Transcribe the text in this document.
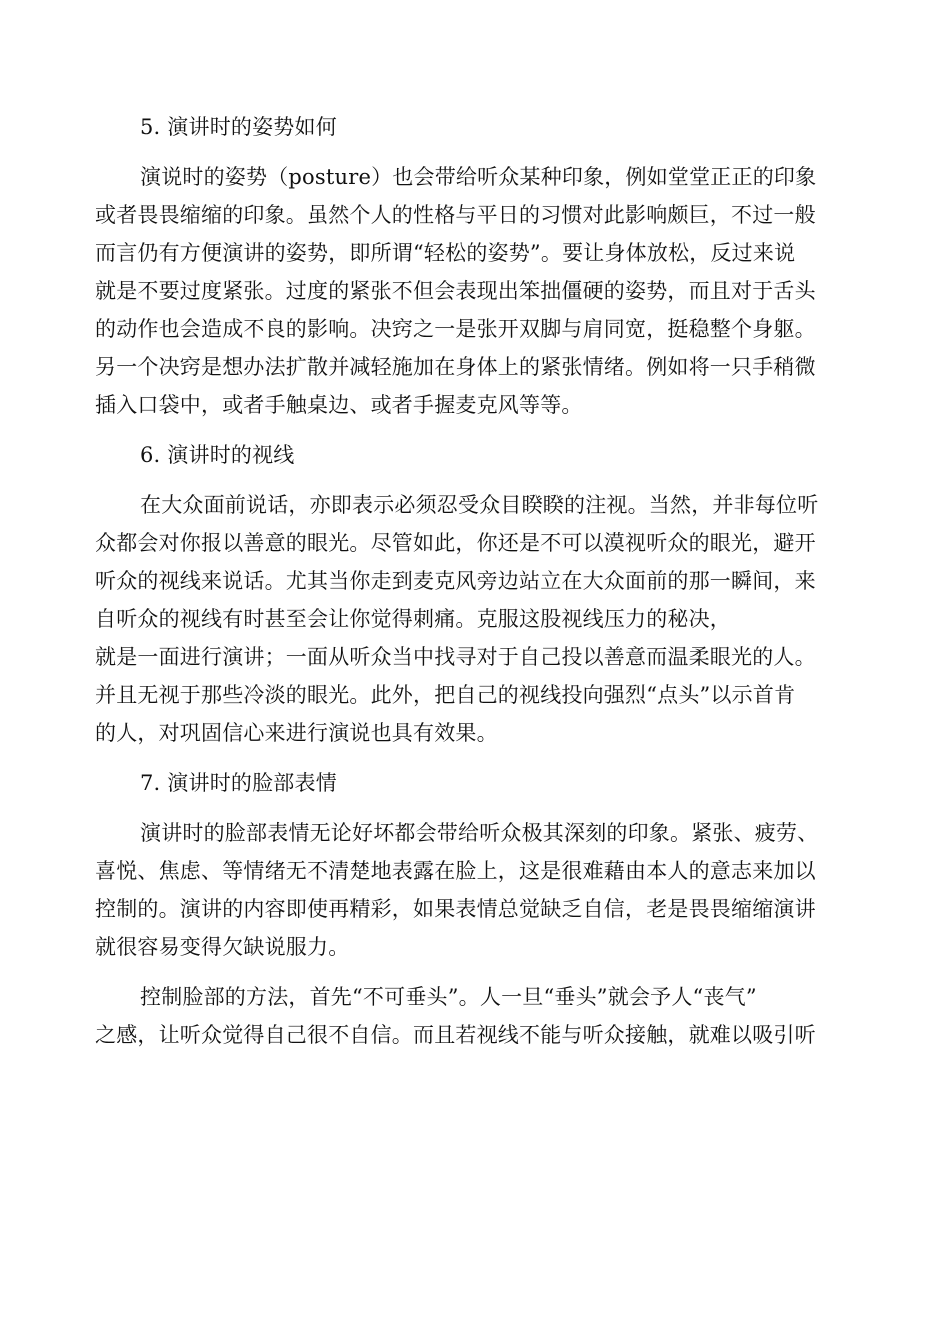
5. 演讲时的姿势如何
演说时的姿势（posture）也会带给听众某种印象，例如堂堂正正的印象
或者畏畏缩缩的印象。虽然个人的性格与平日的习惯对此影响颇巨，不过一般
而言仍有方便演讲的姿势，即所谓“轻松的姿势”。要让身体放松，反过来说
就是不要过度紧张。过度的紧张不但会表现出笨拙僵硬的姿势，而且对于舌头
的动作也会造成不良的影响。决窍之一是张开双脚与肩同宽，挺稳整个身躯。
另一个决窍是想办法扩散并减轻施加在身体上的紧张情绪。例如将一只手稍微
插入口袋中，或者手触桌边、或者手握麦克风等等。
6. 演讲时的视线
在大众面前说话，亦即表示必须忍受众目睽睽的注视。当然，并非每位听
众都会对你报以善意的眼光。尽管如此，你还是不可以漠视听众的眼光，避开
听众的视线来说话。尤其当你走到麦克风旁边站立在大众面前的那一瞬间，来
自听众的视线有时甚至会让你觉得刺痛。克服这股视线压力的秘决，
就是一面进行演讲；一面从听众当中找寻对于自己投以善意而温柔眼光的人。
并且无视于那些冷淡的眼光。此外，把自己的视线投向强烈“点头”以示首肯
的人，对巩固信心来进行演说也具有效果。
7. 演讲时的脸部表情
演讲时的脸部表情无论好坏都会带给听众极其深刻的印象。紧张、疲劳、
喜悦、焦虑、等情绪无不清楚地表露在脸上，这是很难藉由本人的意志来加以
控制的。演讲的内容即使再精彩，如果表情总觉缺乏自信，老是畏畏缩缩演讲
就很容易变得欠缺说服力。
控制脸部的方法，首先“不可垂头”。人一旦“垂头”就会予人“丧气”
之感，让听众觉得自己很不自信。而且若视线不能与听众接触，就难以吸引听
